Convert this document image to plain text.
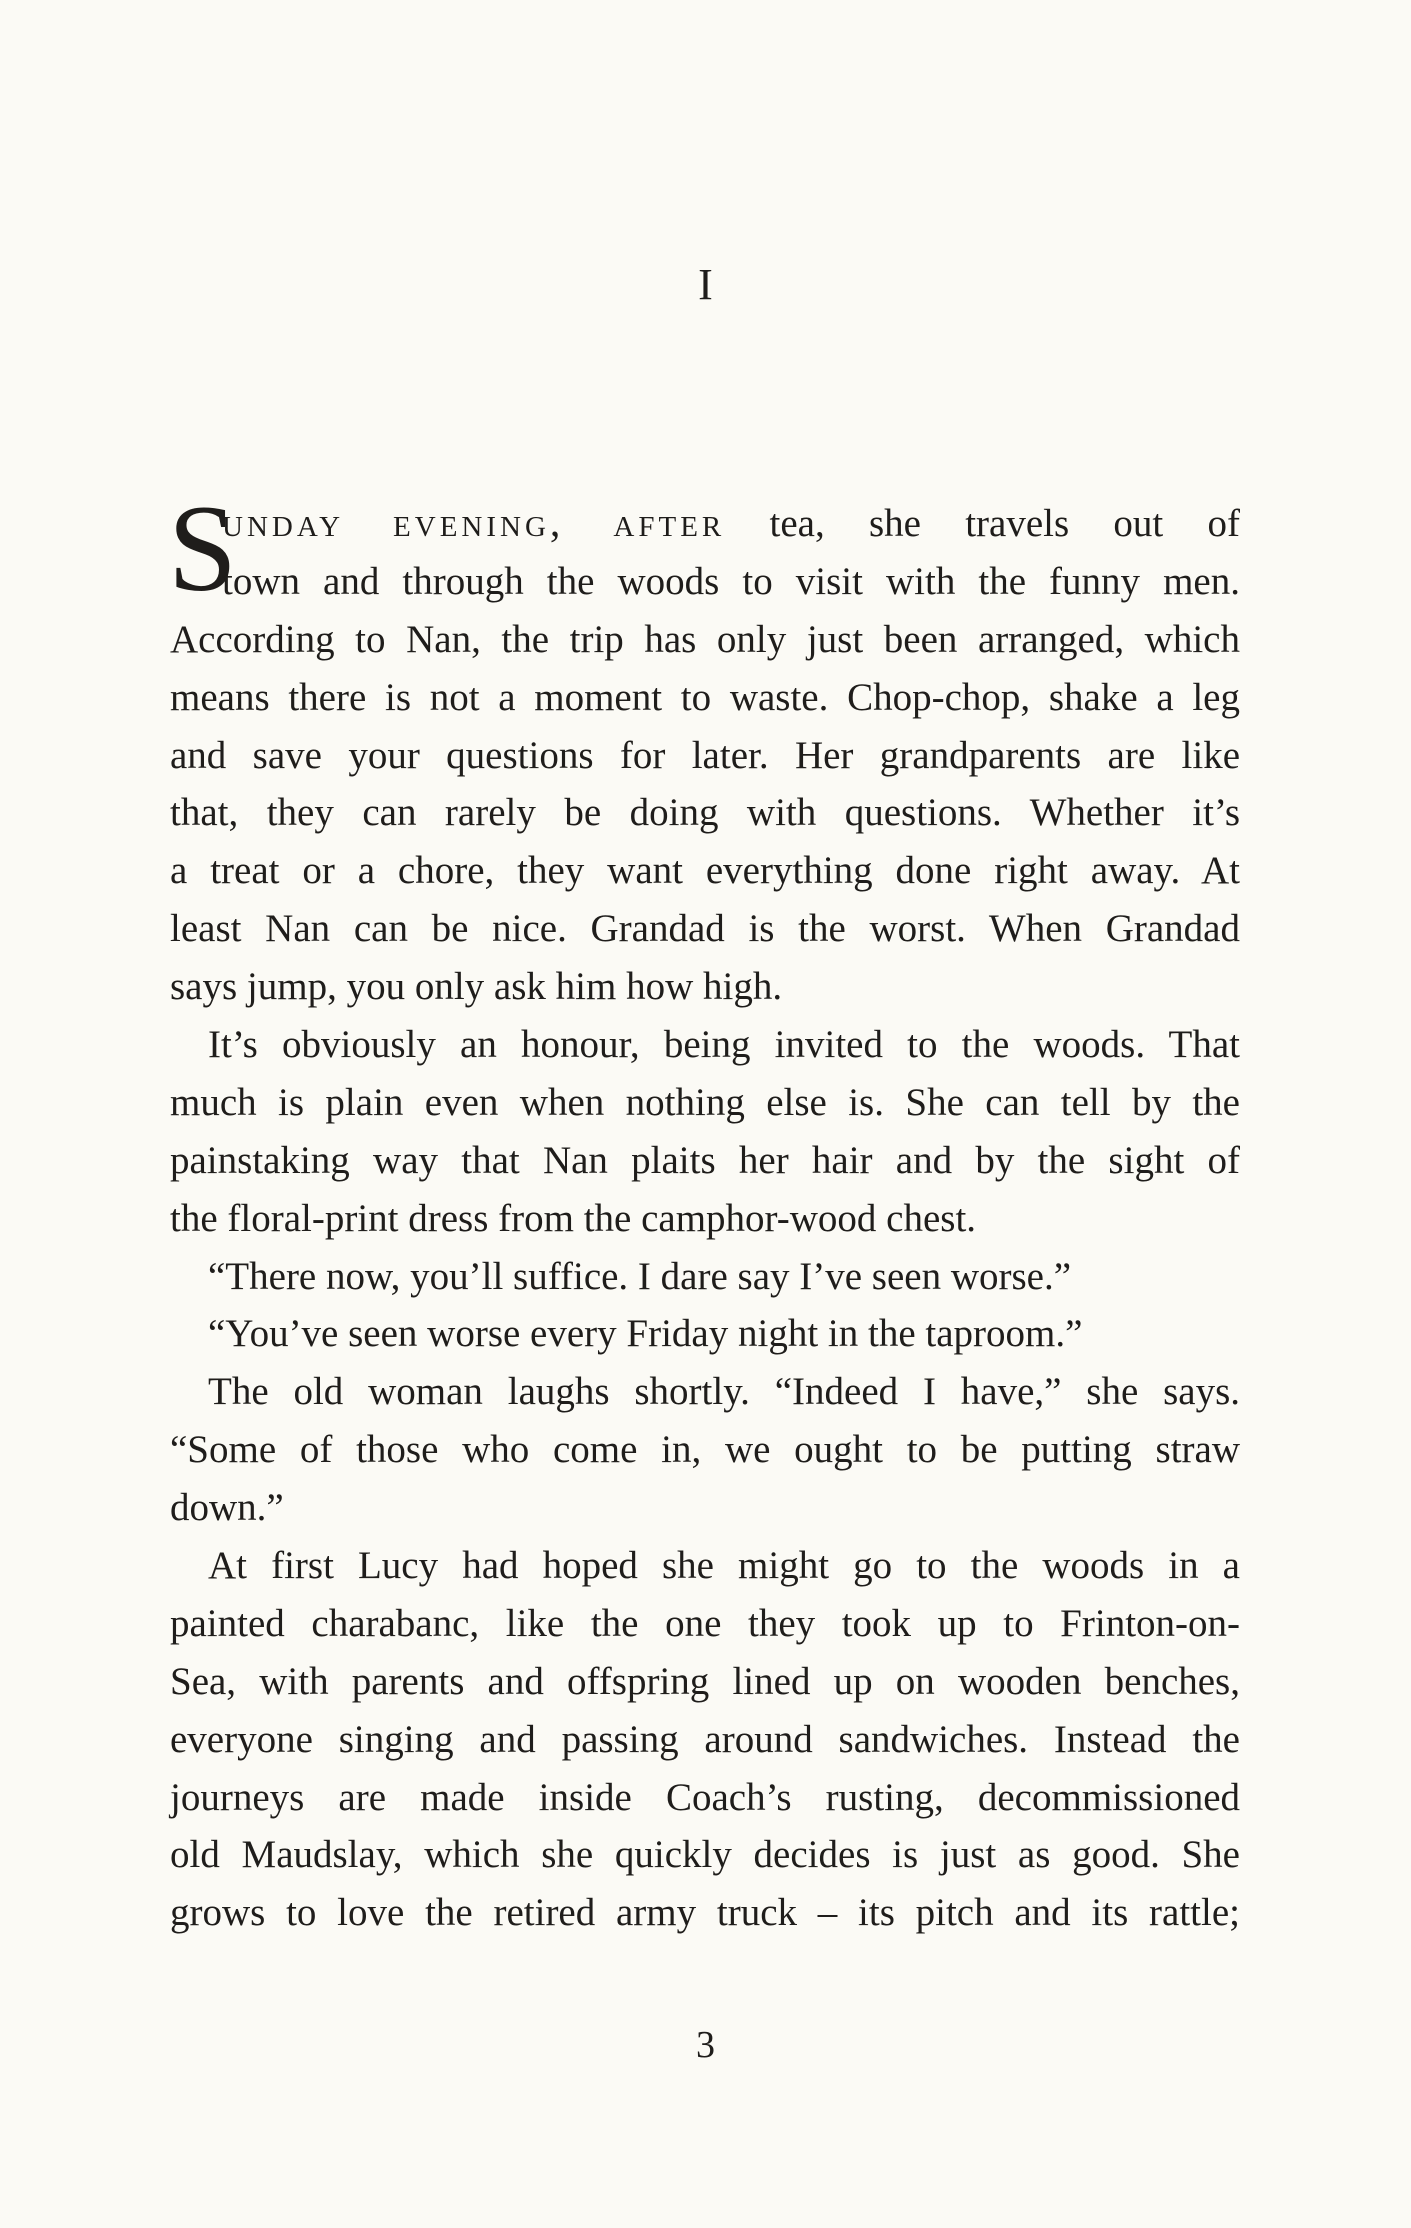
I
S
unday evening, after tea, she travels out of
town and through the woods to visit with the funny men.
According to Nan, the trip has only just been arranged, which
means there is not a moment to waste. Chop-chop, shake a leg
and save your questions for later. Her grandparents are like
that, they can rarely be doing with questions. Whether it’s
a treat or a chore, they want everything done right away. At
least Nan can be nice. Grandad is the worst. When Grandad
says jump, you only ask him how high.
It’s obviously an honour, being invited to the woods. That
much is plain even when nothing else is. She can tell by the
painstaking way that Nan plaits her hair and by the sight of
the floral-print dress from the camphor-wood chest.
“There now, you’ll suffice. I dare say I’ve seen worse.”
“You’ve seen worse every Friday night in the taproom.”
The old woman laughs shortly. “Indeed I have,” she says.
“Some of those who come in, we ought to be putting straw
down.”
At first Lucy had hoped she might go to the woods in a
painted charabanc, like the one they took up to Frinton-on-
Sea, with parents and offspring lined up on wooden benches,
everyone singing and passing around sandwiches. Instead the
journeys are made inside Coach’s rusting, decommissioned
old Maudslay, which she quickly decides is just as good. She
grows to love the retired army truck – its pitch and its rattle;
3
